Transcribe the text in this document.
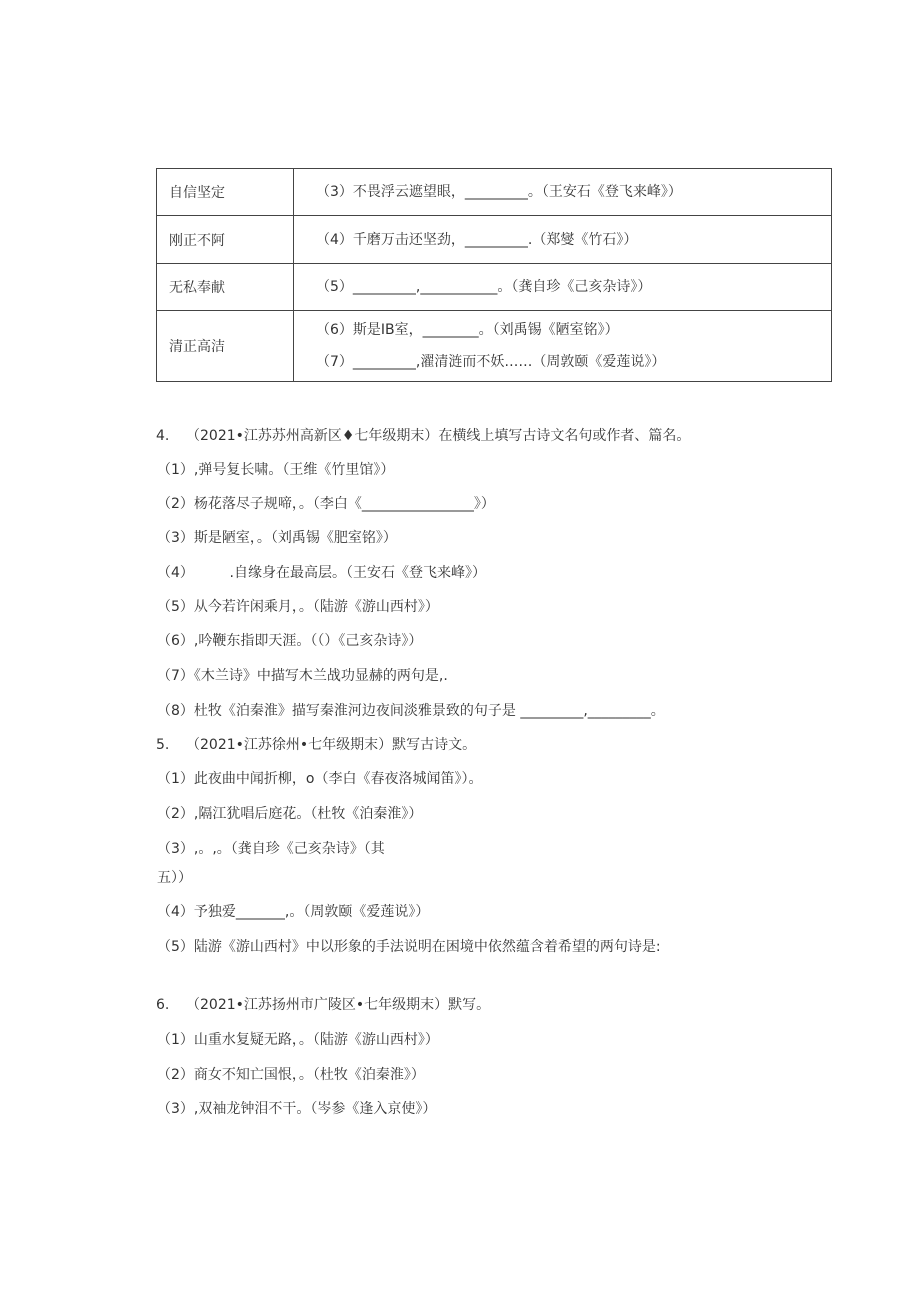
自信坚定	（3）不畏浮云遮望眼，_________。（王安石《登飞来峰》）

刚正不阿	（4）千磨万击还坚劲，_________.（郑燮《竹石》）

无私奉献	（5）_________,___________。（龚自珍《己亥杂诗》）

清正高洁	（6）斯是IB室，________。（刘禹锡《陋室铭》）
（7）_________,濯清涟而不妖……（周敦颐《爱莲说》）
4. （2021•江苏苏州高新区♦七年级期末）在横线上填写古诗文名句或作者、篇名。
（1）,弹号复长啸。（王维《竹里馆》）
（2）杨花落尽子规啼，。（李白《________________》）
（3）斯是陋室，。（刘禹锡《肥室铭》）
（4）        .自缘身在最高层。（王安石《登飞来峰》）
（5）从今若许闲乘月，。（陆游《游山西村》）
（6）,吟鞭东指即天涯。（（）《己亥杂诗》）
（7）《木兰诗》中描写木兰战功显赫的两句是,.
（8）杜牧《泊秦淮》描写秦淮河边夜间淡雅景致的句子是 _________,_________。
5. （2021•江苏徐州•七年级期末）默写古诗文。
（1）此夜曲中闻折柳，o（李白《春夜洛城闻笛》）。
（2）,隔江犹唱后庭花。（杜牧《泊秦淮》）
（3）,。,。（龚自珍《己亥杂诗》（其
五））
（4）予独爱_______,。（周敦颐《爱莲说》）
（5）陆游《游山西村》中以形象的手法说明在困境中依然蕴含着希望的两句诗是:
6. （2021•江苏扬州市广陵区•七年级期末）默写。
（1）山重水复疑无路，。（陆游《游山西村》）
（2）商女不知亡国恨，。（杜牧《泊秦淮》）
（3）,双袖龙钟泪不干。（岑参《逢入京使》）
